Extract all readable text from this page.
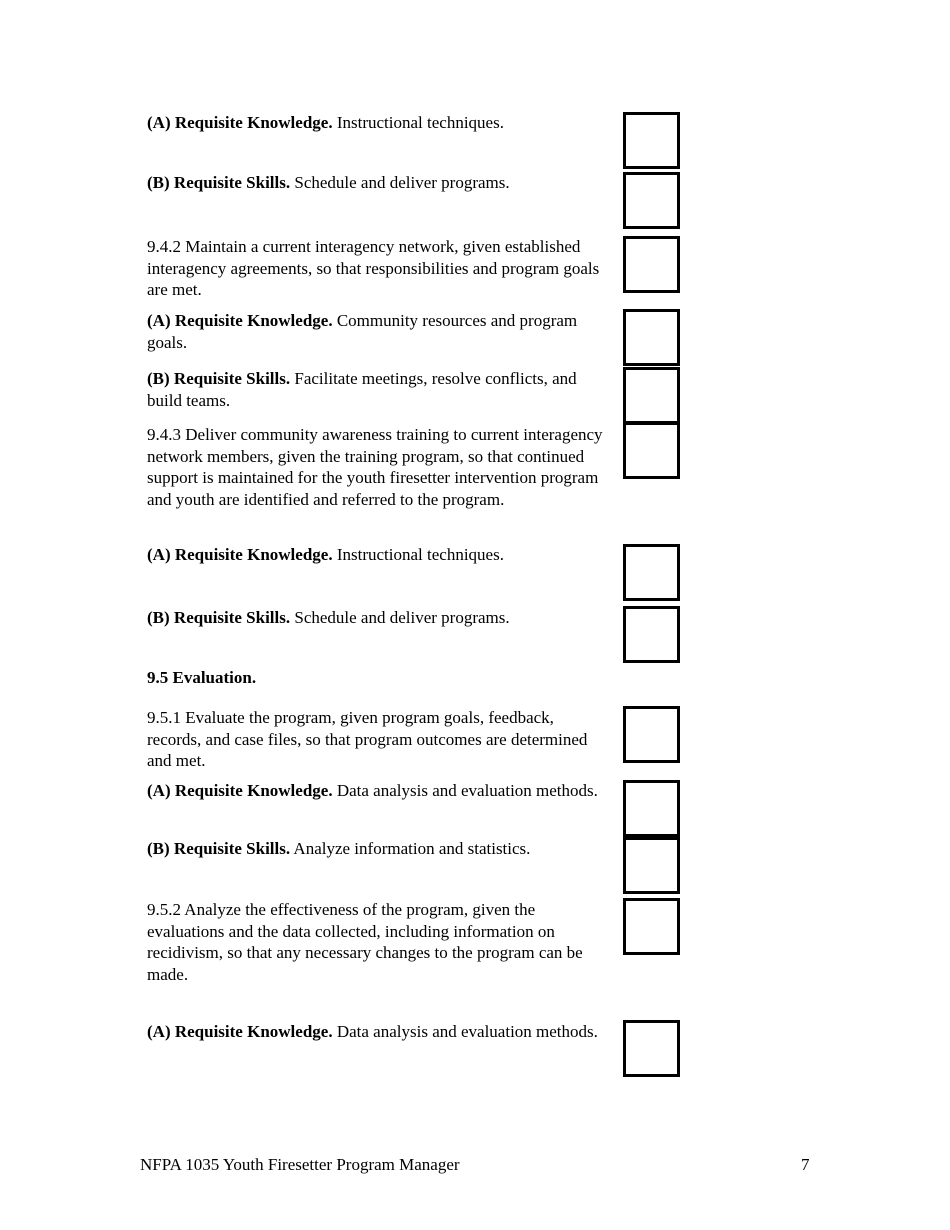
(A) Requisite Knowledge. Instructional techniques.

(B) Requisite Skills. Schedule and deliver programs.

9.4.2 Maintain a current interagency network, given established interagency agreements, so that responsibilities and program goals are met.

(A) Requisite Knowledge. Community resources and program goals.

(B) Requisite Skills. Facilitate meetings, resolve conflicts, and build teams.

9.4.3 Deliver community awareness training to current interagency network members, given the training program, so that continued support is maintained for the youth firesetter intervention program and youth are identified and referred to the program.

(A) Requisite Knowledge. Instructional techniques.

(B) Requisite Skills. Schedule and deliver programs.

9.5 Evaluation.

9.5.1 Evaluate the program, given program goals, feedback, records, and case files, so that program outcomes are determined and met.

(A) Requisite Knowledge. Data analysis and evaluation methods.

(B) Requisite Skills. Analyze information and statistics.

9.5.2 Analyze the effectiveness of the program, given the evaluations and the data collected, including information on recidivism, so that any necessary changes to the program can be made.

(A) Requisite Knowledge. Data analysis and evaluation methods.

NFPA 1035 Youth Firesetter Program Manager	7
